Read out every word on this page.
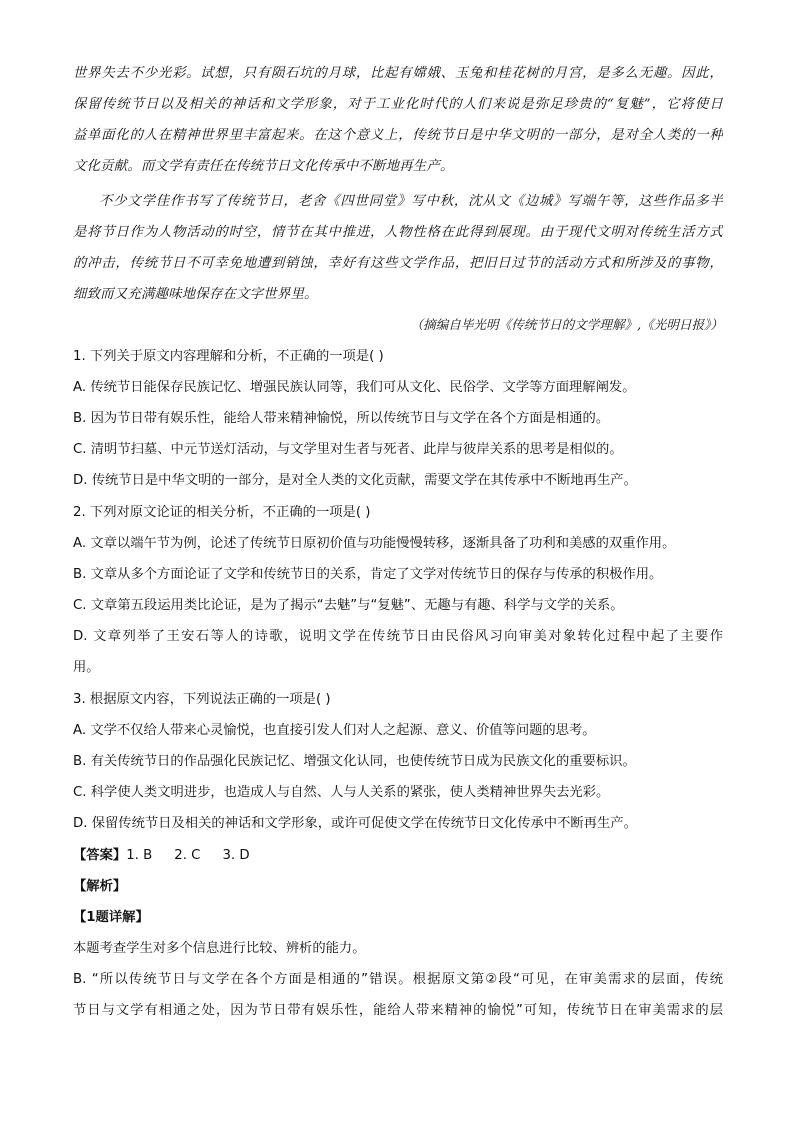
世界失去不少光彩。试想，只有陨石坑的月球，比起有嫦娥、玉兔和桂花树的月宫，是多么无趣。因此，
保留传统节日以及相关的神话和文学形象，对于工业化时代的人们来说是弥足珍贵的“复魅”，它将使日
益单面化的人在精神世界里丰富起来。在这个意义上，传统节日是中华文明的一部分，是对全人类的一种
文化贡献。而文学有责任在传统节日文化传承中不断地再生产。
不少文学佳作书写了传统节日，老舍《四世同堂》写中秋，沈从文《边城》写端午等，这些作品多半
是将节日作为人物活动的时空，情节在其中推进，人物性格在此得到展现。由于现代文明对传统生活方式
的冲击，传统节日不可幸免地遭到销蚀，幸好有这些文学作品，把旧日过节的活动方式和所涉及的事物，
细致而又充满趣味地保存在文字世界里。
（摘编自毕光明《传统节日的文学理解》,《光明日报》）
1. 下列关于原文内容理解和分析，不正确的一项是( )
A. 传统节日能保存民族记忆、增强民族认同等，我们可从文化、民俗学、文学等方面理解阐发。
B. 因为节日带有娱乐性，能给人带来精神愉悦，所以传统节日与文学在各个方面是相通的。
C. 清明节扫墓、中元节送灯活动，与文学里对生者与死者、此岸与彼岸关系的思考是相似的。
D. 传统节日是中华文明的一部分，是对全人类的文化贡献，需要文学在其传承中不断地再生产。
2. 下列对原文论证的相关分析，不正确的一项是( )
A. 文章以端午节为例，论述了传统节日原初价值与功能慢慢转移，逐渐具备了功利和美感的双重作用。
B. 文章从多个方面论证了文学和传统节日的关系，肯定了文学对传统节日的保存与传承的积极作用。
C. 文章第五段运用类比论证，是为了揭示“去魅”与“复魅”、无趣与有趣、科学与文学的关系。
D. 文章列举了王安石等人的诗歌，说明文学在传统节日由民俗风习向审美对象转化过程中起了主要作
用。
3. 根据原文内容，下列说法正确的一项是( )
A. 文学不仅给人带来心灵愉悦，也直接引发人们对人之起源、意义、价值等问题的思考。
B. 有关传统节日的作品强化民族记忆、增强文化认同，也使传统节日成为民族文化的重要标识。
C. 科学使人类文明进步，也造成人与自然、人与人关系的紧张，使人类精神世界失去光彩。
D. 保留传统节日及相关的神话和文学形象，或许可促使文学在传统节日文化传承中不断再生产。
【答案】1. B 2. C 3. D
【解析】
【1题详解】
本题考查学生对多个信息进行比较、辨析的能力。
B. “所以传统节日与文学在各个方面是相通的”错误。根据原文第②段“可见，在审美需求的层面，传统
节日与文学有相通之处，因为节日带有娱乐性，能给人带来精神的愉悦”可知，传统节日在审美需求的层
